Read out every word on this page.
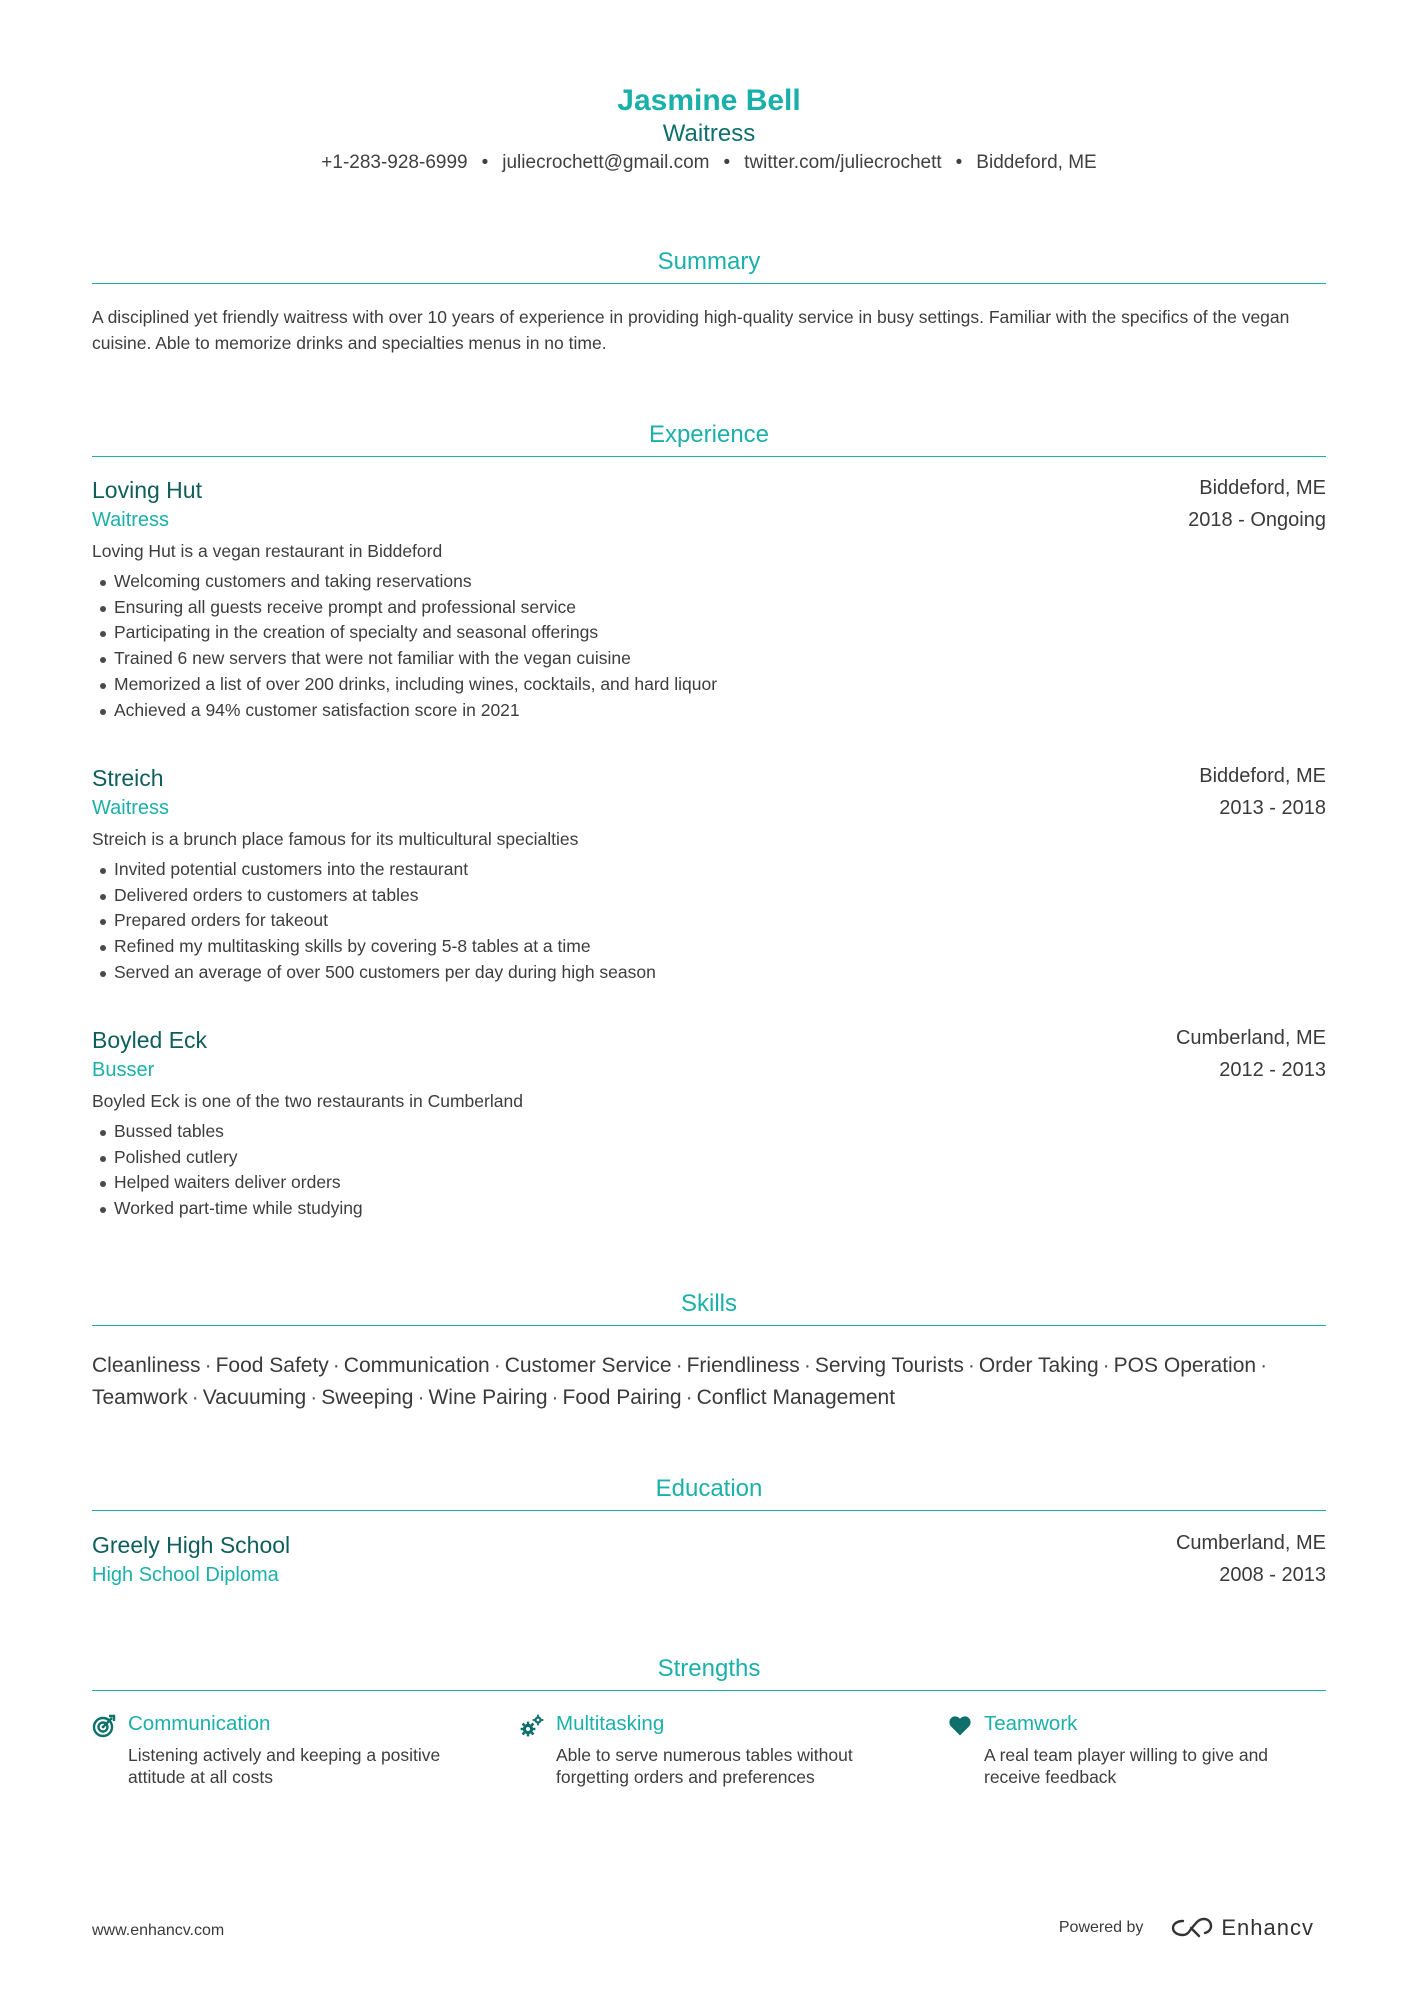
Jasmine Bell
Waitress
+1-283-928-6999 • juliecrochett@gmail.com • twitter.com/juliecrochett • Biddeford, ME
Summary
A disciplined yet friendly waitress with over 10 years of experience in providing high-quality service in busy settings. Familiar with the specifics of the vegan cuisine. Able to memorize drinks and specialties menus in no time.
Experience
Loving Hut	Biddeford, ME
Waitress	2018 - Ongoing
Loving Hut is a vegan restaurant in Biddeford
Welcoming customers and taking reservations
Ensuring all guests receive prompt and professional service
Participating in the creation of specialty and seasonal offerings
Trained 6 new servers that were not familiar with the vegan cuisine
Memorized a list of over 200 drinks, including wines, cocktails, and hard liquor
Achieved a 94% customer satisfaction score in 2021
Streich	Biddeford, ME
Waitress	2013 - 2018
Streich is a brunch place famous for its multicultural specialties
Invited potential customers into the restaurant
Delivered orders to customers at tables
Prepared orders for takeout
Refined my multitasking skills by covering 5-8 tables at a time
Served an average of over 500 customers per day during high season
Boyled Eck	Cumberland, ME
Busser	2012 - 2013
Boyled Eck is one of the two restaurants in Cumberland
Bussed tables
Polished cutlery
Helped waiters deliver orders
Worked part-time while studying
Skills
Cleanliness · Food Safety · Communication · Customer Service · Friendliness · Serving Tourists · Order Taking · POS Operation ·
Teamwork · Vacuuming · Sweeping · Wine Pairing · Food Pairing · Conflict Management
Education
Greely High School	Cumberland, ME
High School Diploma	2008 - 2013
Strengths
Communication
Listening actively and keeping a positive attitude at all costs
Multitasking
Able to serve numerous tables without forgetting orders and preferences
Teamwork
A real team player willing to give and receive feedback
www.enhancv.com	Powered by	Enhancv
